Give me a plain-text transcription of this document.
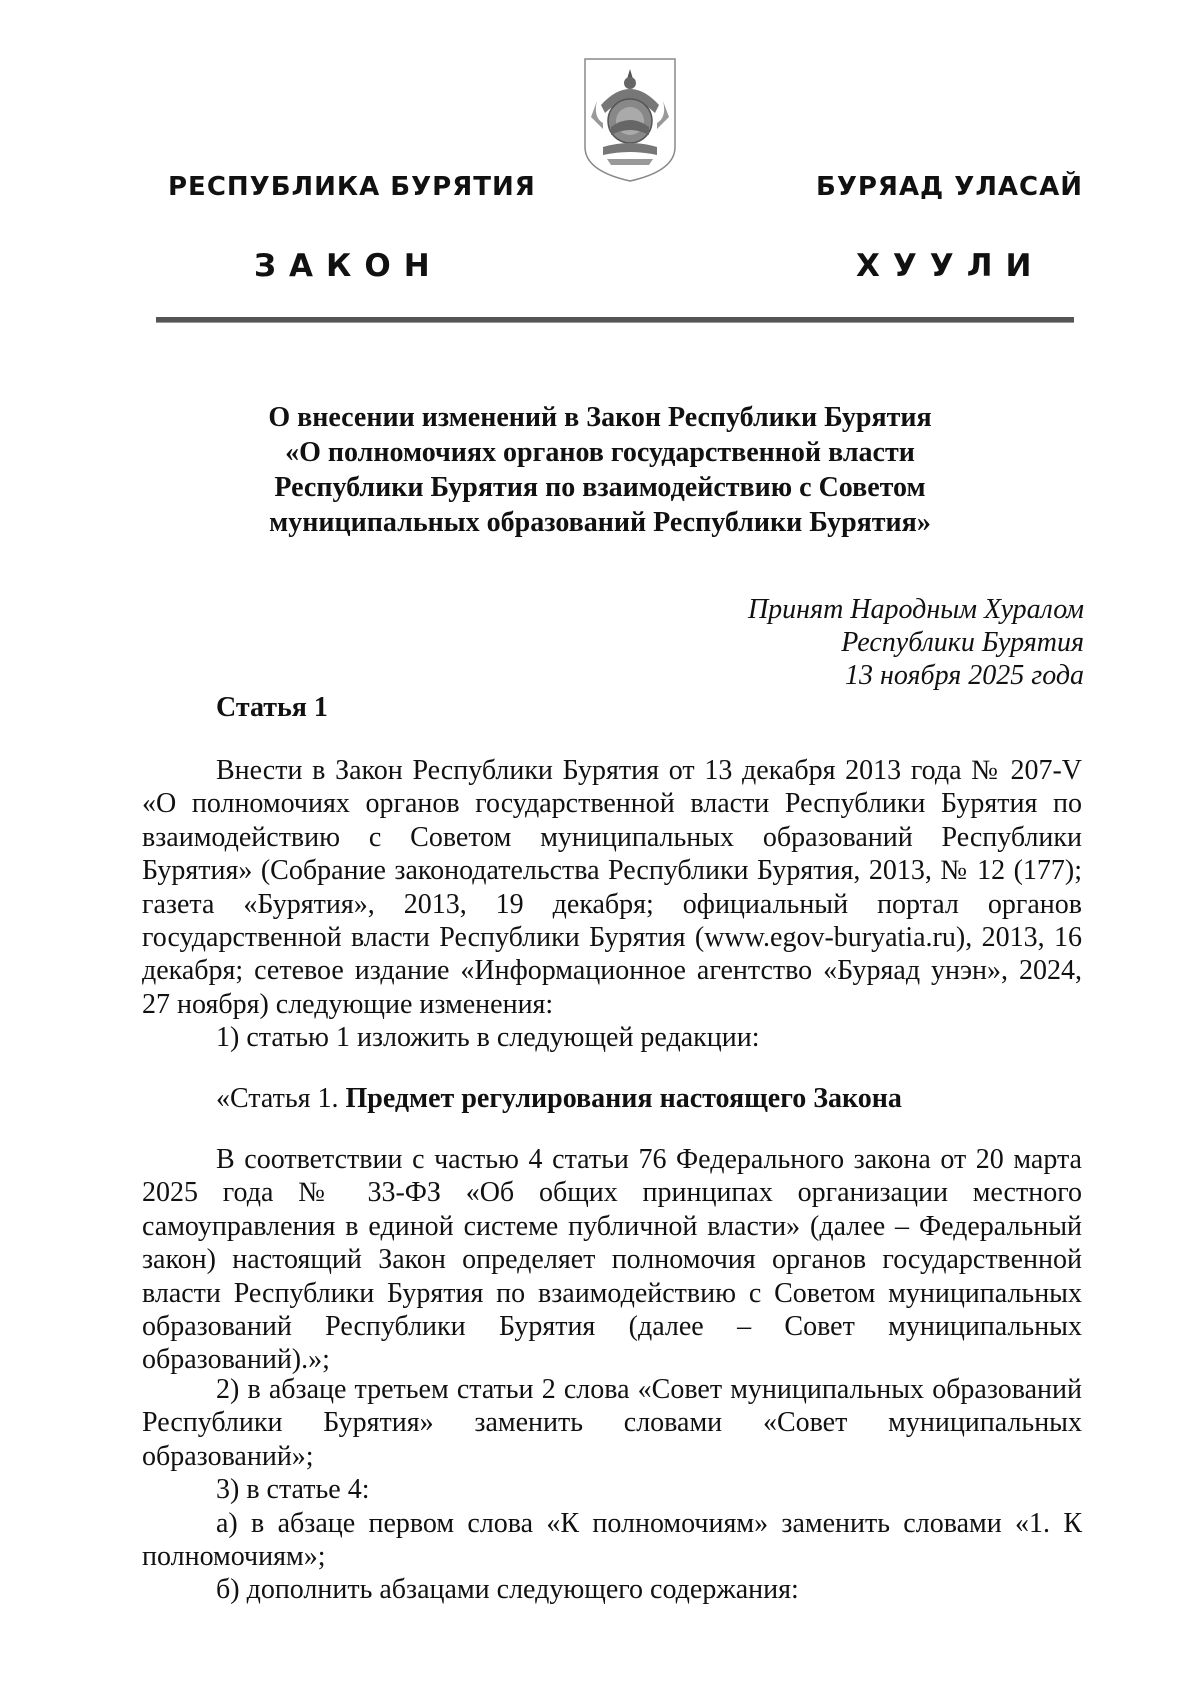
РЕСПУБЛИКА БУРЯТИЯ	БУРЯАД УЛАСАЙ
ЗАКОН	ХУУЛИ
О внесении изменений в Закон Республики Бурятия
«О полномочиях органов государственной власти
Республики Бурятия по взаимодействию с Советом
муниципальных образований Республики Бурятия»
Принят Народным Хуралом
Республики Бурятия
13 ноября 2025 года
Статья 1

Внести в Закон Республики Бурятия от 13 декабря 2013 года № 207-V «О полномочиях органов государственной власти Республики Бурятия по взаимодействию с Советом муниципальных образований Республики Бурятия» (Собрание законодательства Республики Бурятия, 2013, № 12 (177); газета «Бурятия», 2013, 19 декабря; официальный портал органов государственной власти Республики Бурятия (www.egov-buryatia.ru), 2013, 16 декабря; сетевое издание «Информационное агентство «Буряад унэн», 2024, 27 ноября) следующие изменения:

1) статью 1 изложить в следующей редакции:

«Статья 1. Предмет регулирования настоящего Закона

В соответствии с частью 4 статьи 76 Федерального закона от 20 марта 2025 года № 33-ФЗ «Об общих принципах организации местного самоуправления в единой системе публичной власти» (далее – Федеральный закон) настоящий Закон определяет полномочия органов государственной власти Республики Бурятия по взаимодействию с Советом муниципальных образований Республики Бурятия (далее – Совет муниципальных образований).»;

2) в абзаце третьем статьи 2 слова «Совет муниципальных образований Республики Бурятия» заменить словами «Совет муниципальных образований»;

3) в статье 4:

а) в абзаце первом слова «К полномочиям» заменить словами «1. К полномочиям»;

б) дополнить абзацами следующего содержания:
